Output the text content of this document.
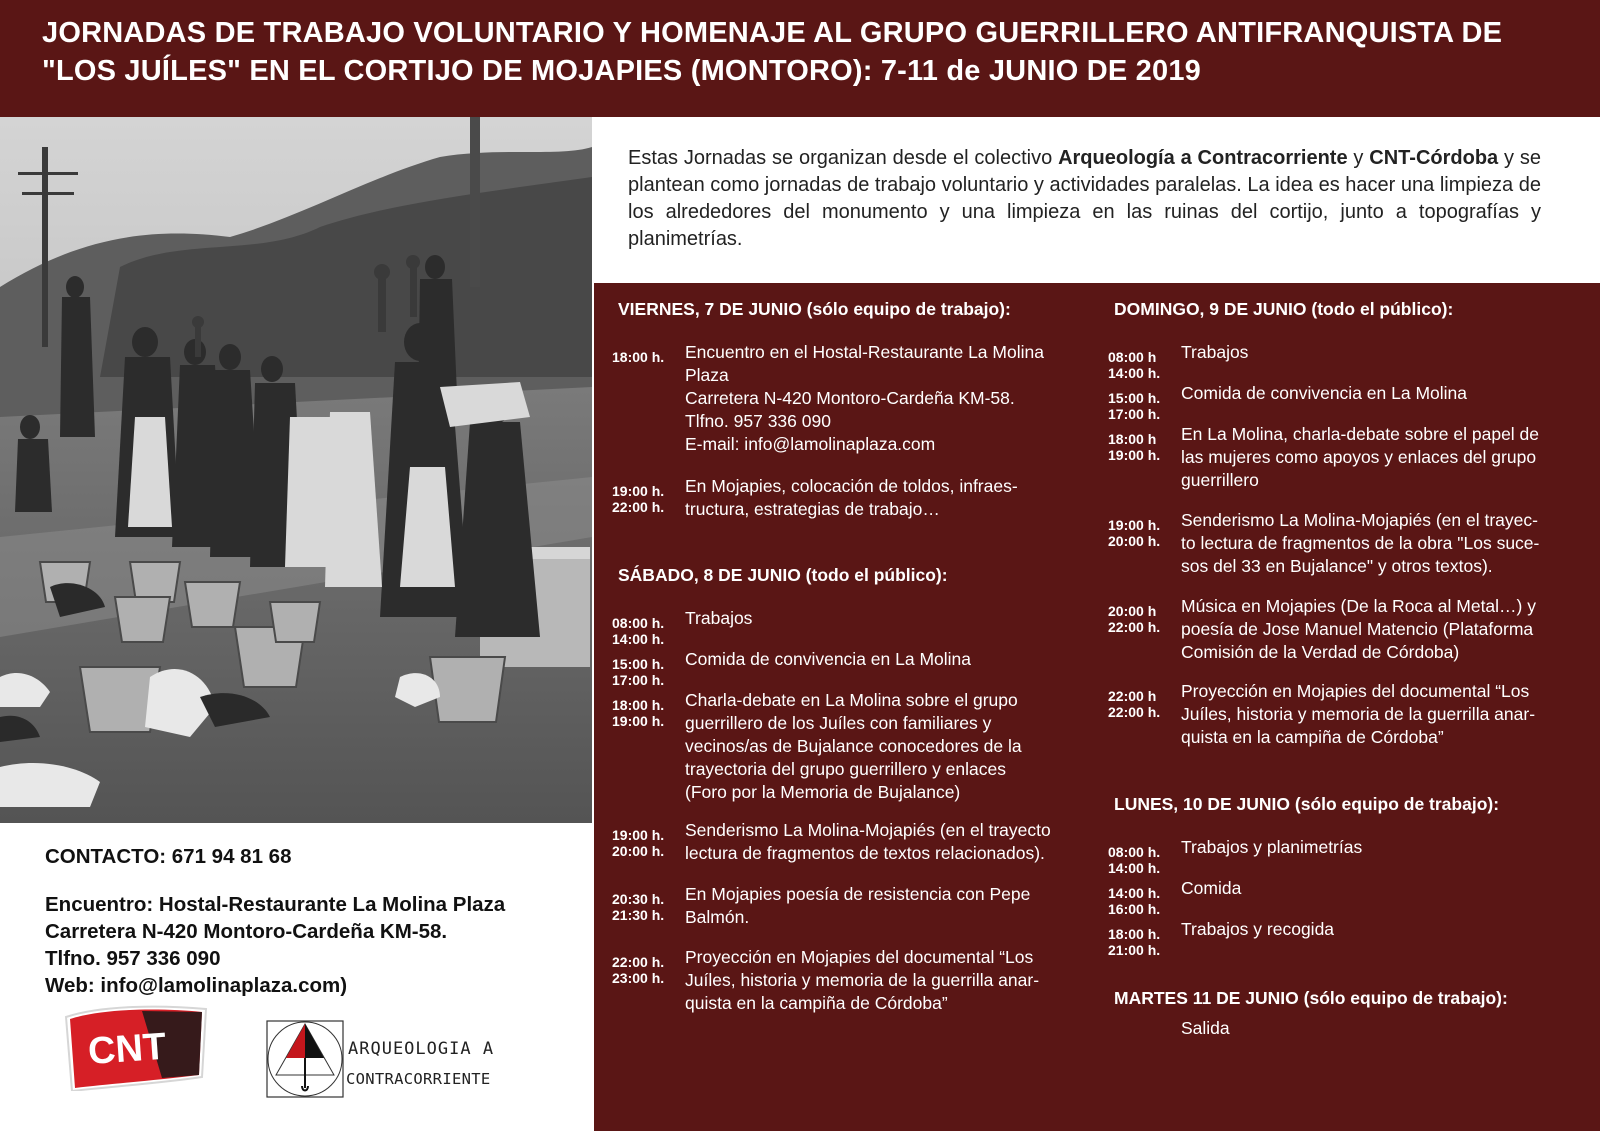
JORNADAS DE TRABAJO VOLUNTARIO Y HOMENAJE AL GRUPO GUERRILLERO ANTIFRANQUISTA DE
"LOS JUÍLES" EN EL CORTIJO DE MOJAPIES (MONTORO): 7-11 de JUNIO DE 2019
Estas Jornadas se organizan desde el colectivo Arqueología a Contracorriente y CNT-Córdoba y se plantean como jornadas de trabajo voluntario y actividades paralelas. La idea es hacer una limpieza de los alrededores del monumento y una limpieza en las ruinas del cortijo, junto a topografías y planimetrías.
VIERNES, 7 DE JUNIO (sólo equipo de trabajo):
18:00 h.	Encuentro en el Hostal-Restaurante La Molina
Plaza
Carretera N-420 Montoro-Cardeña KM-58.
Tlfno. 957 336 090
E-mail: info@lamolinaplaza.com
19:00 h.
22:00 h.
En Mojapies, colocación de toldos, infraes-
tructura, estrategias de trabajo…
SÁBADO, 8 DE JUNIO (todo el público):
08:00 h.
14:00 h.
Trabajos
15:00 h.
17:00 h.
Comida de convivencia en La Molina
18:00 h.
19:00 h.
Charla-debate en La Molina sobre el grupo
guerrillero de los Juíles con familiares y
vecinos/as de Bujalance conocedores de la
trayectoria del grupo guerrillero y enlaces
(Foro por la Memoria de Bujalance)
19:00 h.
20:00 h.
Senderismo La Molina-Mojapiés (en el trayecto
lectura de fragmentos de textos relacionados).
20:30 h.
21:30 h.
En Mojapies poesía de resistencia con Pepe
Balmón.
22:00 h.
23:00 h.
Proyección en Mojapies del documental “Los
Juíles, historia y memoria de la guerrilla anar-
quista en la campiña de Córdoba”
DOMINGO, 9 DE JUNIO (todo el público):
08:00 h
14:00 h.
Trabajos
15:00 h.
17:00 h.
Comida de convivencia en La Molina
18:00 h
19:00 h.
En La Molina, charla-debate sobre el papel de
las mujeres como apoyos y enlaces del grupo
guerrillero
19:00 h.
20:00 h.
Senderismo La Molina-Mojapiés (en el trayec-
to lectura de fragmentos de la obra "Los suce-
sos del 33 en Bujalance" y otros textos).
20:00 h
22:00 h.
Música en Mojapies (De la Roca al Metal…) y
poesía de Jose Manuel Matencio (Plataforma
Comisión de la Verdad de Córdoba)
22:00 h
22:00 h.
Proyección en Mojapies del documental “Los
Juíles, historia y memoria de la guerrilla anar-
quista en la campiña de Córdoba”
LUNES, 10 DE JUNIO (sólo equipo de trabajo):
08:00 h.
14:00 h.
Trabajos y planimetrías
14:00 h.
16:00 h.
Comida
18:00 h.
21:00 h.
Trabajos y recogida
MARTES 11 DE JUNIO (sólo equipo de trabajo):
Salida
CONTACTO: 671 94 81 68
Encuentro: Hostal-Restaurante La Molina Plaza
Carretera N-420 Montoro-Cardeña KM-58.
Tlfno. 957 336 090
Web: info@lamolinaplaza.com)
CNT	ARQUEOLOGIA A
CONTRACORRIENTE
